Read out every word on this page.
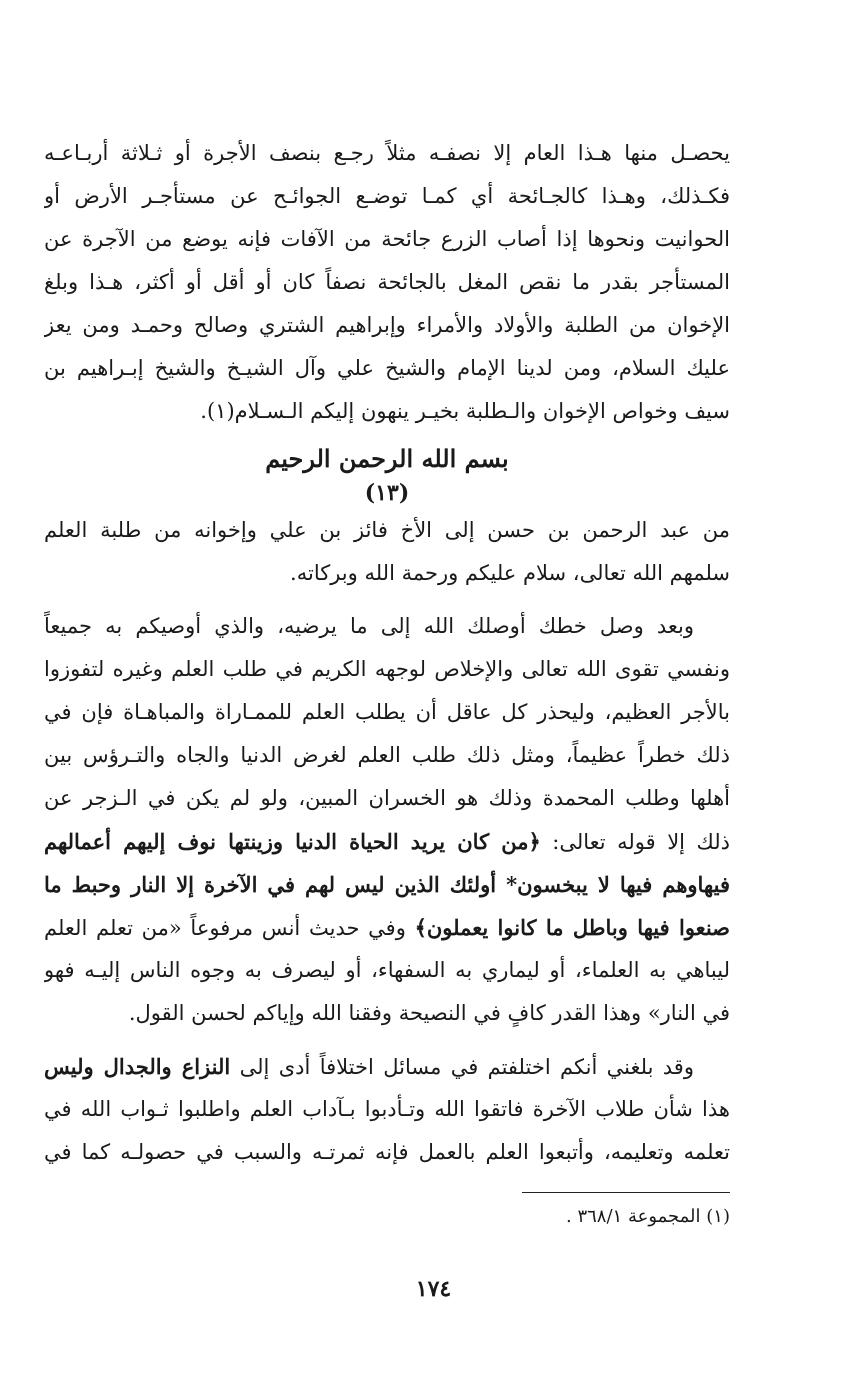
يحصـل منها هـذا العام إلا نصفـه مثلاً رجـع بنصف الأجرة أو ثـلاثة أربـاعـه
فكـذلك، وهـذا كالجـائحة أي كمـا توضـع الجوائـح عن مستأجـر الأرض أو
الحوانيت ونحوها إذا أصاب الزرع جائحة من الآفات فإنه يوضع من الآجرة عن
المستأجر بقدر ما نقص المغل بالجائحة نصفاً كان أو أقل أو أكثر، هـذا وبلغ
الإخوان من الطلبة والأولاد والأمراء وإبراهيم الشتري وصالح وحمـد ومن يعز
عليك السلام، ومن لدينا الإمام والشيخ علي وآل الشيـخ والشيخ إبـراهيم بن
سيف وخواص الإخوان والـطلبة بخيـر ينهون إليكم الـسـلام(١).
بسم الله الرحمن الرحيم
(١٣)
من عبد الرحمن بن حسن إلى الأخ فائز بن علي وإخوانه من طلبة العلم
سلمهم الله تعالى، سلام عليكم ورحمة الله وبركاته.
وبعد وصل خطك أوصلك الله إلى ما يرضيه، والذي أوصيكم به جميعاً
ونفسي تقوى الله تعالى والإخلاص لوجهه الكريم في طلب العلم وغيره لتفوزوا
بالأجر العظيم، وليحذر كل عاقل أن يطلب العلم للممـاراة والمباهـاة فإن في
ذلك خطراً عظيماً، ومثل ذلك طلب العلم لغرض الدنيا والجاه والتـرؤس بين
أهلها وطلب المحمدة وذلك هو الخسران المبين، ولو لم يكن في الـزجر عن
ذلك إلا قوله تعالى: ﴿من كان يريد الحياة الدنيا وزينتها نوف إليهم أعمالهم
فيهاوهم فيها لا يبخسون* أولئك الذين ليس لهم في الآخرة إلا النار وحبط ما
صنعوا فيها وباطل ما كانوا يعملون﴾ وفي حديث أنس مرفوعاً «من تعلم العلم
ليباهي به العلماء، أو ليماري به السفهاء، أو ليصرف به وجوه الناس إليـه فهو
في النار» وهذا القدر كافٍ في النصيحة وفقنا الله وإياكم لحسن القول.
وقد بلغني أنكم اختلفتم في مسائل اختلافاً أدى إلى النزاع والجدال وليس
هذا شأن طلاب الآخرة فاتقوا الله وتـأدبوا بـآداب العلم واطلبوا ثـواب الله في
تعلمه وتعليمه، وأتبعوا العلم بالعمل فإنه ثمرتـه والسبب في حصولـه كما في
(١) المجموعة ٣٦٨/١ .
١٧٤
